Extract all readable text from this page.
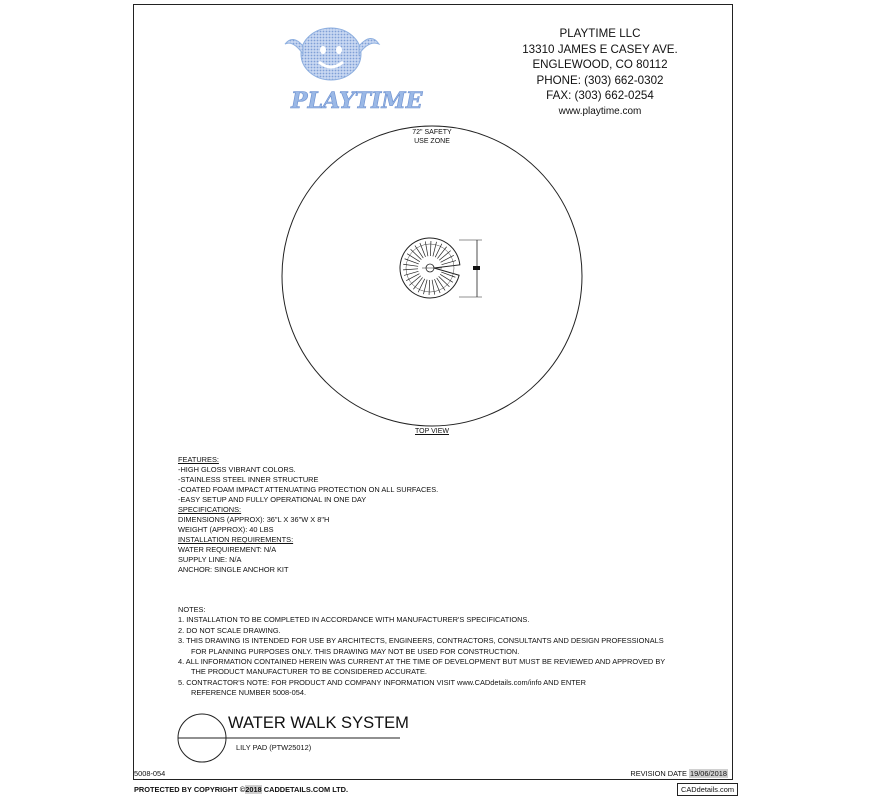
PLAYTIME
PLAYTIME LLC
13310 JAMES E CASEY AVE.
ENGLEWOOD, CO 80112
PHONE: (303) 662-0302
FAX: (303) 662-0254
www.playtime.com
72" SAFETY
USE ZONE
TOP VIEW
FEATURES:
-HIGH GLOSS VIBRANT COLORS.
-STAINLESS STEEL INNER STRUCTURE
-COATED FOAM IMPACT ATTENUATING PROTECTION ON ALL SURFACES.
-EASY SETUP AND FULLY OPERATIONAL IN ONE DAY
SPECIFICATIONS:
DIMENSIONS (APPROX): 36"L X 36"W X 8"H
WEIGHT (APPROX): 40 LBS
INSTALLATION REQUIREMENTS:
WATER REQUIREMENT: N/A
SUPPLY LINE: N/A
ANCHOR: SINGLE ANCHOR KIT
NOTES:
1. INSTALLATION TO BE COMPLETED IN ACCORDANCE WITH MANUFACTURER'S SPECIFICATIONS.
2. DO NOT SCALE DRAWING.
3. THIS DRAWING IS INTENDED FOR USE BY ARCHITECTS, ENGINEERS, CONTRACTORS, CONSULTANTS AND DESIGN PROFESSIONALS
FOR PLANNING PURPOSES ONLY. THIS DRAWING MAY NOT BE USED FOR CONSTRUCTION.
4. ALL INFORMATION CONTAINED HEREIN WAS CURRENT AT THE TIME OF DEVELOPMENT BUT MUST BE REVIEWED AND APPROVED BY
THE PRODUCT MANUFACTURER TO BE CONSIDERED ACCURATE.
5. CONTRACTOR'S NOTE: FOR PRODUCT AND COMPANY INFORMATION VISIT www.CADdetails.com/info AND ENTER
REFERENCE NUMBER 5008-054.
WATER WALK SYSTEM
LILY PAD (PTW25012)
5008-054	REVISION DATE 19/06/2018
PROTECTED BY COPYRIGHT ©2018 CADDETAILS.COM LTD.	CADdetails.com
